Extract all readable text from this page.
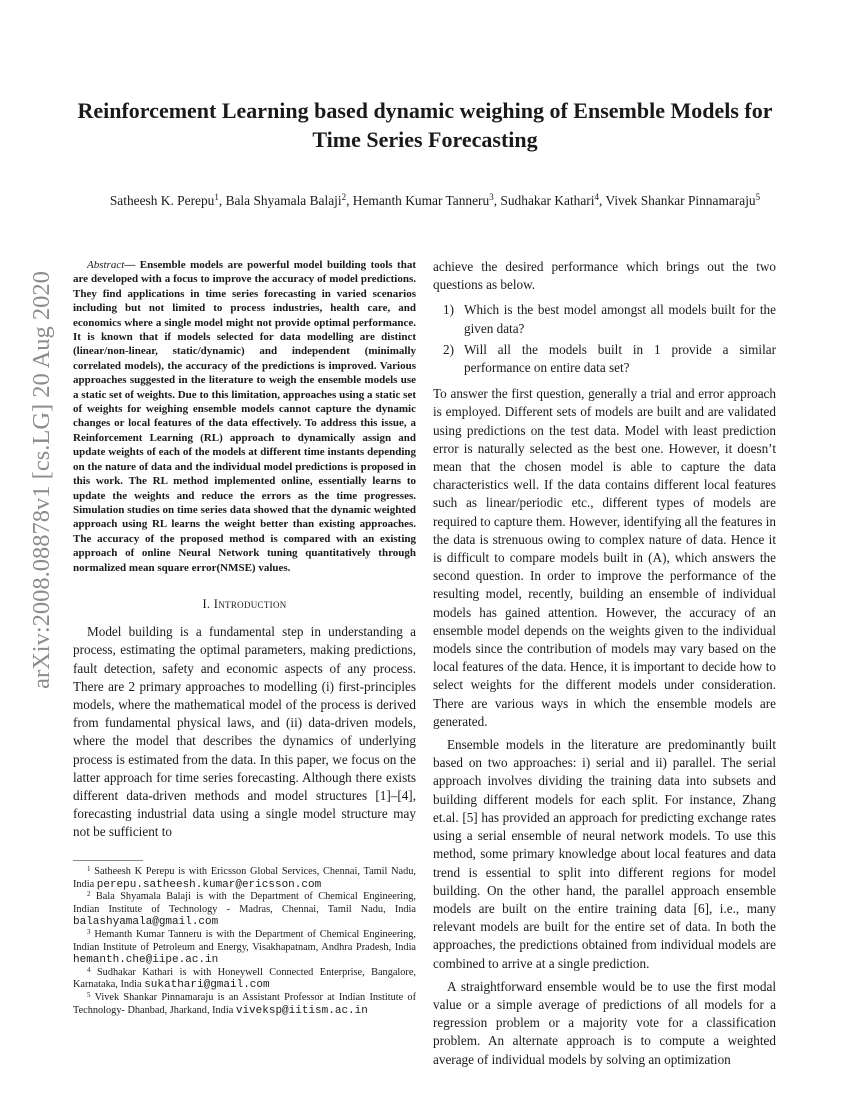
Reinforcement Learning based dynamic weighing of Ensemble Models for Time Series Forecasting
Satheesh K. Perepu$^1$, Bala Shyamala Balaji$^2$, Hemanth Kumar Tanneru$^3$, Sudhakar Kathari$^4$, Vivek Shankar Pinnamaraju$^5$
arXiv:2008.08878v1 [cs.LG] 20 Aug 2020

Abstract— Ensemble models are powerful model building tools that are developed with a focus to improve the accuracy of model predictions. They find applications in time series forecasting in varied scenarios including but not limited to process industries, health care, and economics where a single model might not provide optimal performance. It is known that if models selected for data modelling are distinct (linear/non-linear, static/dynamic) and independent (minimally correlated models), the accuracy of the predictions is improved. Various approaches suggested in the literature to weigh the ensemble models use a static set of weights. Due to this limitation, approaches using a static set of weights for weighing ensemble models cannot capture the dynamic changes or local features of the data effectively. To address this issue, a Reinforcement Learning (RL) approach to dynamically assign and update weights of each of the models at different time instants depending on the nature of data and the individual model predictions is proposed in this work. The RL method implemented online, essentially learns to update the weights and reduce the errors as the time progresses. Simulation studies on time series data showed that the dynamic weighted approach using RL learns the weight better than existing approaches. The accuracy of the proposed method is compared with an existing approach of online Neural Network tuning quantitatively through normalized mean square error(NMSE) values.

I. Introduction

Model building is a fundamental step in understanding a process, estimating the optimal parameters, making predictions, fault detection, safety and economic aspects of any process. There are 2 primary approaches to modelling (i) first-principles models, where the mathematical model of the process is derived from fundamental physical laws, and (ii) data-driven models, where the model that describes the dynamics of underlying process is estimated from the data. In this paper, we focus on the latter approach for time series forecasting. Although there exists different data-driven methods and model structures [1]–[4], forecasting industrial data using a single model structure may not be sufficient to

achieve the desired performance which brings out the two questions as below.

1) Which is the best model amongst all models built for the given data?
2) Will all the models built in 1 provide a similar performance on entire data set?

To answer the first question, generally a trial and error approach is employed. Different sets of models are built and are validated using predictions on the test data. Model with least prediction error is naturally selected as the best one. However, it doesn’t mean that the chosen model is able to capture the data characteristics well. If the data contains different local features such as linear/periodic etc., different types of models are required to capture them. However, identifying all the features in the data is strenuous owing to complex nature of data. Hence it is difficult to compare models built in (A), which answers the second question. In order to improve the performance of the resulting model, recently, building an ensemble of individual models has gained attention. However, the accuracy of an ensemble model depends on the weights given to the individual models since the contribution of models may vary based on the local features of the data. Hence, it is important to decide how to select weights for the different models under consideration. There are various ways in which the ensemble models are generated.

Ensemble models in the literature are predominantly built based on two approaches: i) serial and ii) parallel. The serial approach involves dividing the training data into subsets and building different models for each split. For instance, Zhang et.al. [5] has provided an approach for predicting exchange rates using a serial ensemble of neural network models. To use this method, some primary knowledge about local features and data trend is essential to split into different regions for model building. On the other hand, the parallel approach ensemble models are built on the entire training data [6], i.e., many relevant models are built for the entire set of data. In both the approaches, the predictions obtained from individual models are combined to arrive at a single prediction.

A straightforward ensemble would be to use the first modal value or a simple average of predictions of all models for a regression problem or a majority vote for a classification problem. An alternate approach is to compute a weighted average of individual models by solving an optimization

$^1$ Satheesh K Perepu is with Ericsson Global Services, Chennai, Tamil Nadu, India perepu.satheesh.kumar@ericsson.com

$^2$ Bala Shyamala Balaji is with the Department of Chemical Engineering, Indian Institute of Technology - Madras, Chennai, Tamil Nadu, India balashyamala@gmail.com

$^3$ Hemanth Kumar Tanneru is with the Department of Chemical Engineering, Indian Institute of Petroleum and Energy, Visakhapatnam, Andhra Pradesh, India hemanth.che@iipe.ac.in

$^4$ Sudhakar Kathari is with Honeywell Connected Enterprise, Bangalore, Karnataka, India sukathari@gmail.com

$^5$ Vivek Shankar Pinnamaraju is an Assistant Professor at Indian Institute of Technology- Dhanbad, Jharkand, India viveksp@iitism.ac.in
